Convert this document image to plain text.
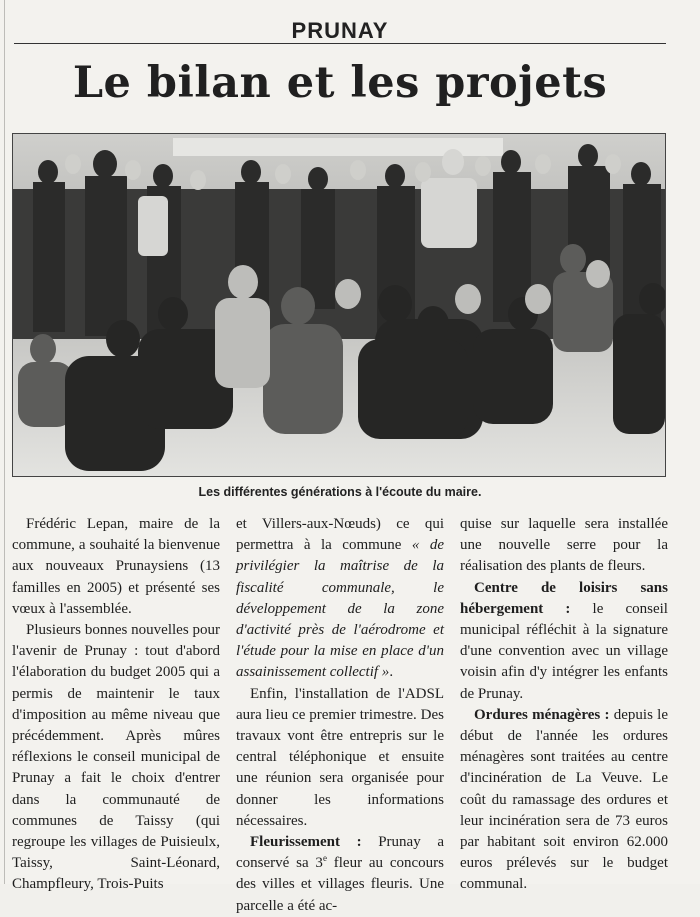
PRUNAY
Le bilan et les projets
Les différentes générations à l'écoute du maire.

Frédéric Lepan, maire de la commune, a souhaité la bienvenue aux nouveaux Prunaysiens (13 familles en 2005) et présenté ses vœux à l'assemblée.

Plusieurs bonnes nouvelles pour l'avenir de Prunay : tout d'abord l'élaboration du budget 2005 qui a permis de maintenir le taux d'imposition au même niveau que précédemment. Après mûres réflexions le conseil municipal de Prunay a fait le choix d'entrer dans la communauté de communes de Taissy (qui regroupe les villages de Puisieulx, Taissy, Saint-Léonard, Champfleury, Trois-Puits

et Villers-aux-Nœuds) ce qui permettra à la commune « de privilégier la maîtrise de la fiscalité communale, le développement de la zone d'activité près de l'aérodrome et l'étude pour la mise en place d'un assainissement collectif ».

Enfin, l'installation de l'ADSL aura lieu ce premier trimestre. Des travaux vont être entrepris sur le central téléphonique et ensuite une réunion sera organisée pour donner les informations nécessaires.

Fleurissement : Prunay a conservé sa 3e fleur au concours des villes et villages fleuris. Une parcelle a été ac-

quise sur laquelle sera installée une nouvelle serre pour la réalisation des plants de fleurs.

Centre de loisirs sans hébergement : le conseil municipal réfléchit à la signature d'une convention avec un village voisin afin d'y intégrer les enfants de Prunay.

Ordures ménagères : depuis le début de l'année les ordures ménagères sont traitées au centre d'incinération de La Veuve. Le coût du ramassage des ordures et leur incinération sera de 73 euros par habitant soit environ 62.000 euros prélevés sur le budget communal.
